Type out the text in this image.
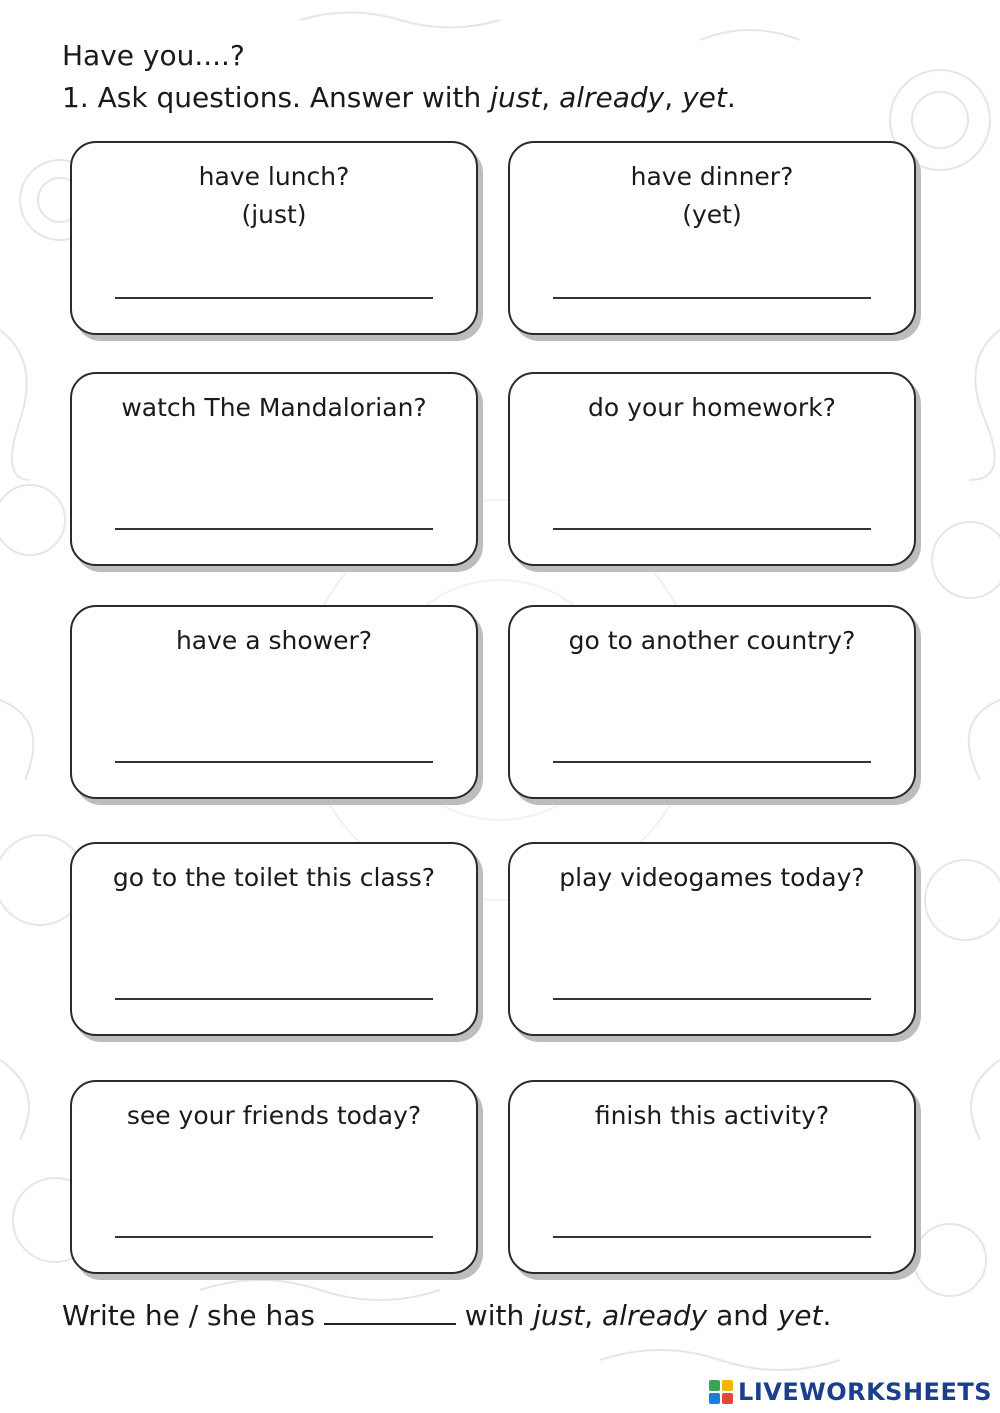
Have you....?
1. Ask questions. Answer with just, already, yet.
have lunch?
(just)
have dinner?
(yet)
watch The Mandalorian?	do your homework?
have a shower?	go to another country?
go to the toilet this class?	play videogames today?
see your friends today?	finish this activity?
Write he / she has	with just, already and yet.
LIVEWORKSHEETS
